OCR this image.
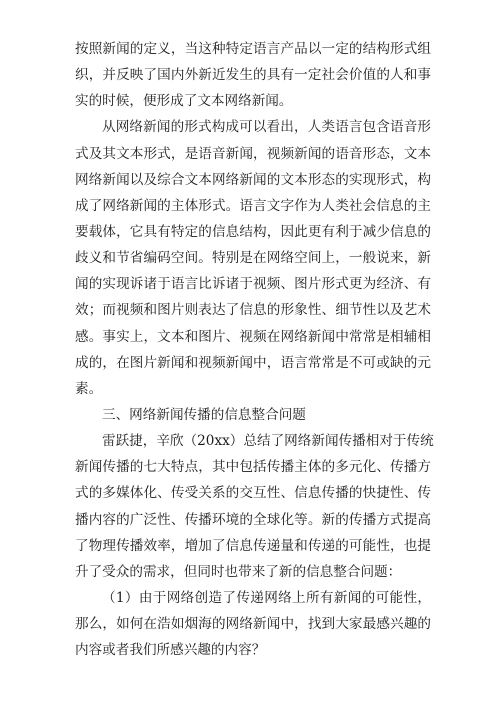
按照新闻的定义，当这种特定语言产品以一定的结构形式组
织，并反映了国内外新近发生的具有一定社会价值的人和事
实的时候，便形成了文本网络新闻。
从网络新闻的形式构成可以看出，人类语言包含语音形
式及其文本形式，是语音新闻，视频新闻的语音形态，文本
网络新闻以及综合文本网络新闻的文本形态的实现形式，构
成了网络新闻的主体形式。语言文字作为人类社会信息的主
要载体，它具有特定的信息结构，因此更有利于减少信息的
歧义和节省编码空间。特别是在网络空间上，一般说来，新
闻的实现诉诸于语言比诉诸于视频、图片形式更为经济、有
效；而视频和图片则表达了信息的形象性、细节性以及艺术
感。事实上，文本和图片、视频在网络新闻中常常是相辅相
成的，在图片新闻和视频新闻中，语言常常是不可或缺的元
素。
三、网络新闻传播的信息整合问题
雷跃捷，辛欣（20xx）总结了网络新闻传播相对于传统
新闻传播的七大特点，其中包括传播主体的多元化、传播方
式的多媒体化、传受关系的交互性、信息传播的快捷性、传
播内容的广泛性、传播环境的全球化等。新的传播方式提高
了物理传播效率，增加了信息传递量和传递的可能性，也提
升了受众的需求，但同时也带来了新的信息整合问题：
（1）由于网络创造了传递网络上所有新闻的可能性，
那么，如何在浩如烟海的网络新闻中，找到大家最感兴趣的
内容或者我们所感兴趣的内容？
